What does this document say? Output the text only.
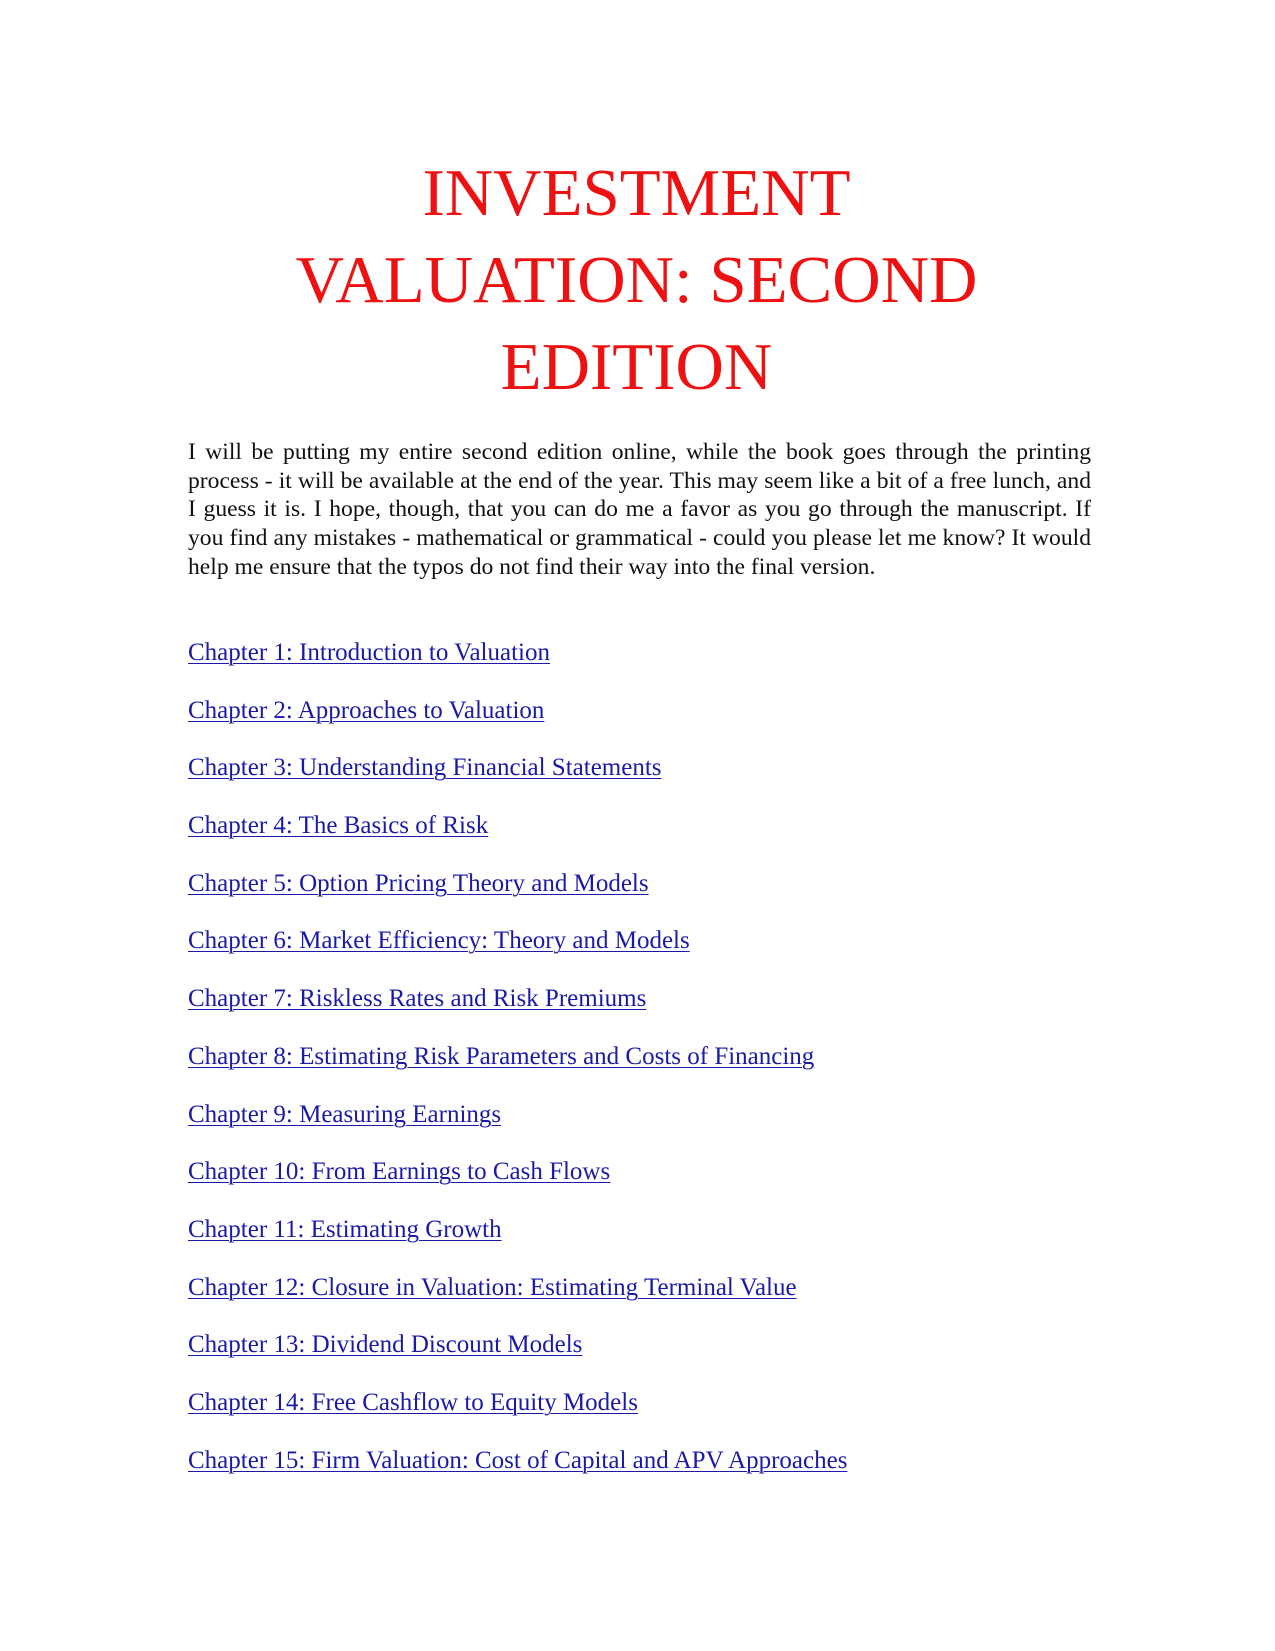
INVESTMENT
VALUATION: SECOND
EDITION

I will be putting my entire second edition online, while the book goes through the printing process - it will be available at the end of the year. This may seem like a bit of a free lunch, and I guess it is. I hope, though, that you can do me a favor as you go through the manuscript. If you find any mistakes - mathematical or grammatical - could you please let me know? It would help me ensure that the typos do not find their way into the final version.

Chapter 1: Introduction to Valuation
Chapter 2: Approaches to Valuation
Chapter 3: Understanding Financial Statements
Chapter 4: The Basics of Risk
Chapter 5: Option Pricing Theory and Models
Chapter 6: Market Efficiency: Theory and Models
Chapter 7: Riskless Rates and Risk Premiums
Chapter 8: Estimating Risk Parameters and Costs of Financing
Chapter 9: Measuring Earnings
Chapter 10: From Earnings to Cash Flows
Chapter 11: Estimating Growth
Chapter 12: Closure in Valuation: Estimating Terminal Value
Chapter 13: Dividend Discount Models
Chapter 14: Free Cashflow to Equity Models
Chapter 15: Firm Valuation: Cost of Capital and APV Approaches
